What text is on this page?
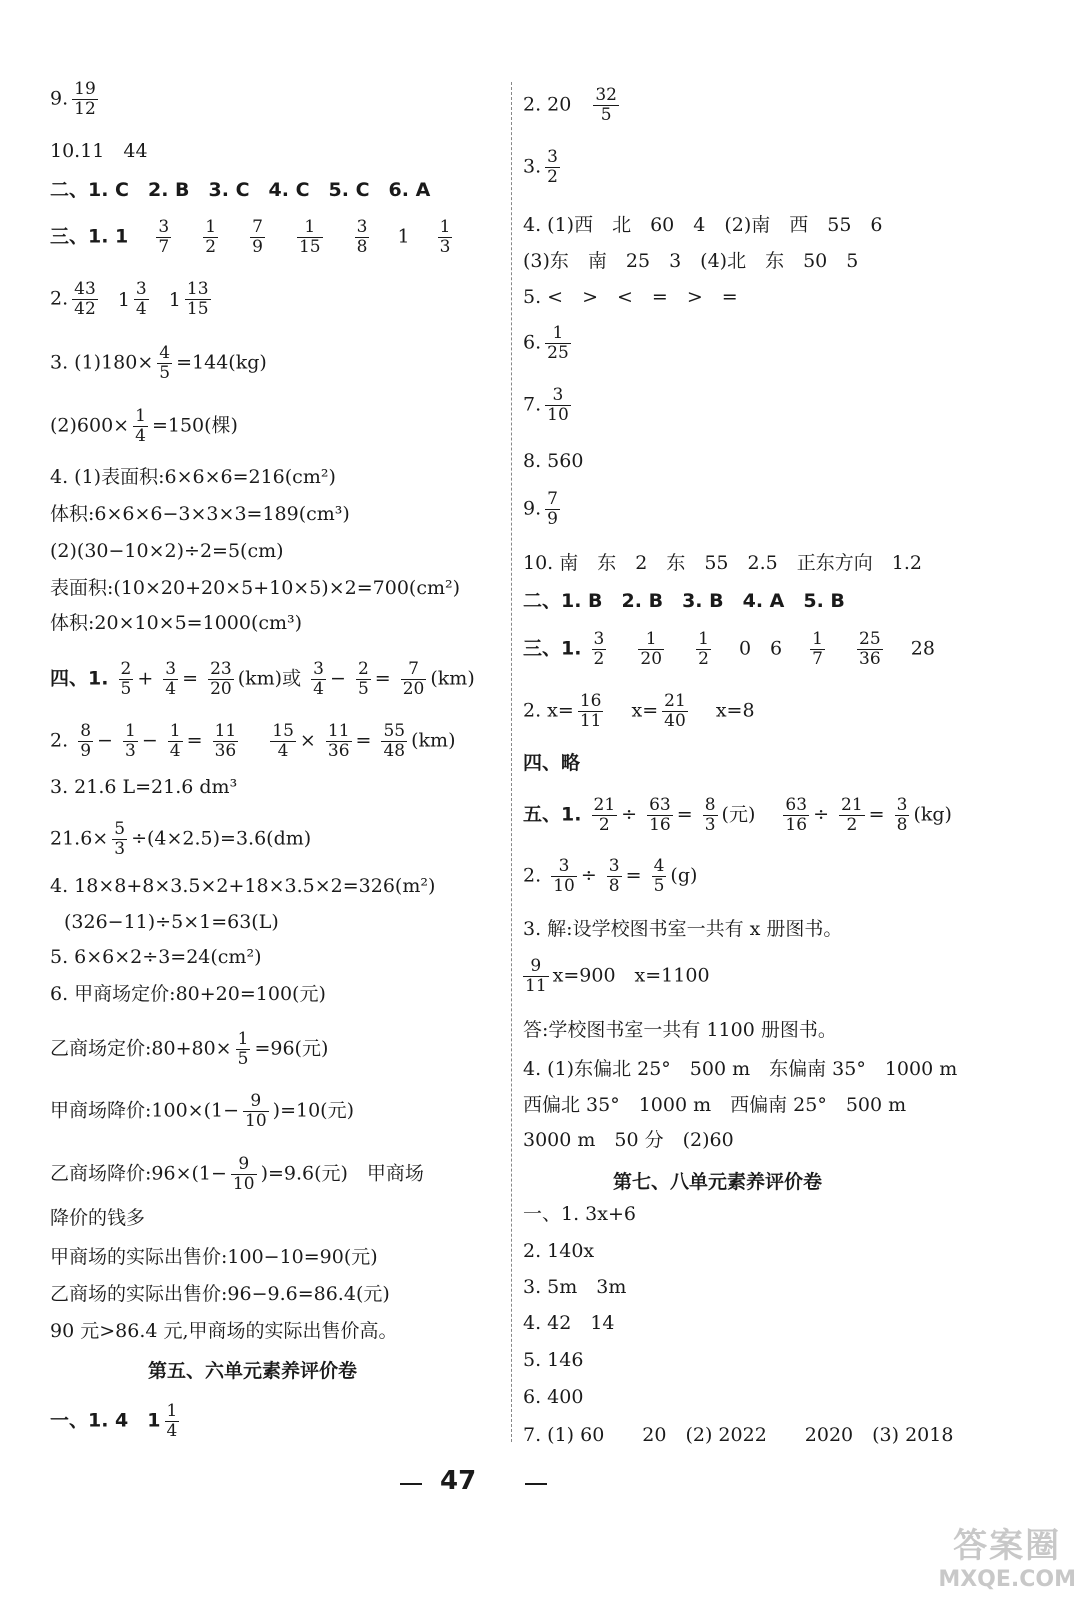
9. $\frac{19}{12}$
10.11　44
二、1. C　2. B　3. C　4. C　5. C　6. A
三、1. $1 \frac{3}{7}$
$\frac{1}{2}$
$\frac{7}{9}$
$\frac{1}{15}$
$\frac{3}{8} 1 \frac{1}{3}$
2. $\frac{43}{42} 1 \frac{3}{4} 1 \frac{13}{15}$
3. $(1)180\times \frac{4}{5} =144(kg)$
$(2)600\times \frac{1}{4} =150$(棵)
4. (1)表面积:6×6×6=216(cm²)
体积:6×6×6−3×3×3=189(cm³)
(2)(30−10×2)÷2=5(cm)
表面积:(10×20+20×5+10×5)×2=700(cm²)
体积:20×10×5=1000(cm³)
四、1. $\frac{2}{5} + \frac{3}{4} = \frac{23}{20} (km)$或 $\frac{3}{4} - \frac{2}{5} = \frac{7}{20} (km)$
2. $\frac{8}{9} - \frac{1}{3} - \frac{1}{4} = \frac{11}{36}$
$\frac{15}{4} \times \frac{11}{36} = \frac{55}{48} (km)$
3. 21.6 L=21.6 dm³
$21.6\times \frac{5}{3} \div(4\times 2.5)=3.6(dm)$
4. 18×8+8×3.5×2+18×3.5×2=326(m²)
(326−11)÷5×1=63(L)
5. 6×6×2÷3=24(cm²)
6. 甲商场定价:80+20=100(元)
乙商场定价:80+80× $\frac{1}{5} =96$(元)
甲商场降价:100×(1− $\frac{9}{10} )=10$(元)
乙商场降价:96×(1− $\frac{9}{10} )=9.6$(元)　甲商场
降价的钱多
甲商场的实际出售价:100−10=90(元)
乙商场的实际出售价:96−9.6=86.4(元)
90 元>86.4 元,甲商场的实际出售价高。
第五、六单元素养评价卷
一、1. 4　$1 \frac{1}{4}$
2. $20 \frac{32}{5}$
3. $\frac{3}{2}$
4. (1)西　北　60　4　(2)南　西　55　6
(3)东　南　25　3　(4)北　东　50　5
5. <　>　<　=　>　=
6. $\frac{1}{25}$
7. $\frac{3}{10}$
8. 560
9. $\frac{7}{9}$
10. 南　东　2　东　55　2.5　正东方向　1.2
二、1. B　2. B　3. B　4. A　5. B
三、1. $\frac{3}{2}$
$\frac{1}{20}$
$\frac{1}{2} 0$　$6 \frac{1}{7}$
$\frac{25}{36} 28$
2. $x= \frac{16}{11} x= \frac{21}{40} x=8$
四、略
五、1. $\frac{21}{2} \div \frac{63}{16} = \frac{8}{3}$ (元) $\frac{63}{16} \div \frac{21}{2} = \frac{3}{8} (kg)$
2. $\frac{3}{10} \div \frac{3}{8} = \frac{4}{5} (g)$
3. 解:设学校图书室一共有 x 册图书。
$\frac{9}{11} x=900$　x=1100
答:学校图书室一共有 1100 册图书。
4. (1)东偏北 25°　500 m　东偏南 35°　1000 m
西偏北 35°　1000 m　西偏南 25°　500 m
3000 m　50 分　(2)60
第七、八单元素养评价卷
一、1. 3x+6
2. 140x
3. 5m　3m
4. 42　14
5. 146
6. 400
7. (1) 60　　20　(2) 2022　　2020　(3) 2018
47
答案圈
MXQE.COM
